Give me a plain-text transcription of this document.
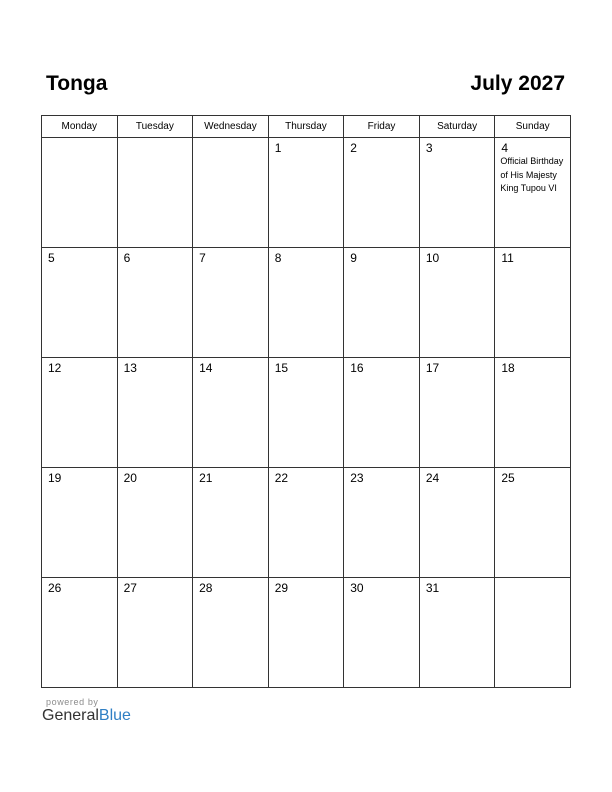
Tonga	July 2027
Monday	Tuesday	Wednesday	Thursday	Friday	Saturday	Sunday

			1	2	3	4
Official Birthday of His Majesty King Tupou VI

5	6	7	8	9	10	11

12	13	14	15	16	17	18

19	20	21	22	23	24	25

26	27	28	29	30	31	

powered by
GeneralBlue
